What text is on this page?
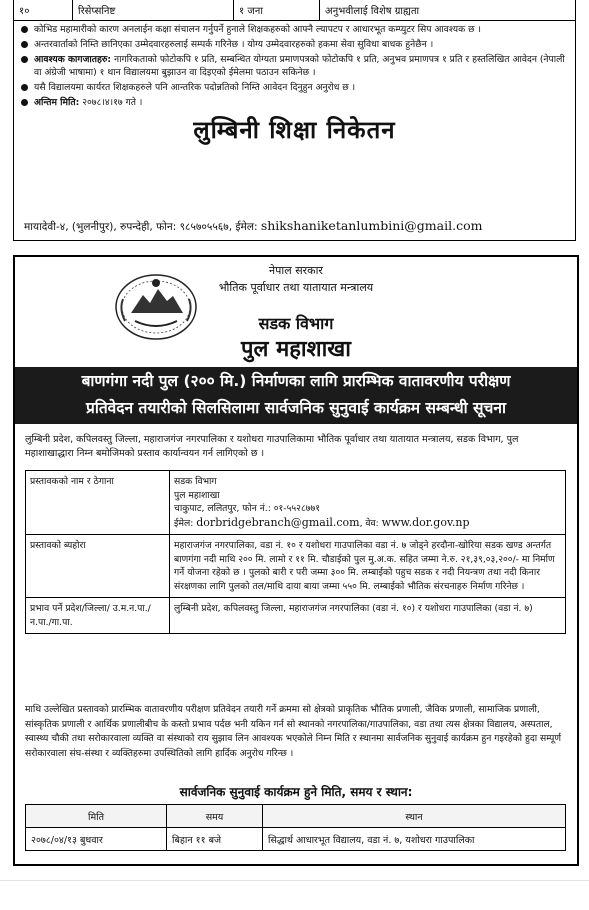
१०	रिसेप्सनिष्ट	१ जना	अनुभवीलाई विशेष ग्राह्यता
कोभिड महामारीको कारण अनलाईन कक्षा संचालन गर्नुपर्ने हुनाले शिक्षकहरुको आफ्नै ल्यापटप र आधारभूत कम्प्युटर सिप आवश्यक छ ।
अन्तरवार्ताको निम्ति छानिएका उम्मेदवारहरुलाई सम्पर्क गरिनेछ । योग्य उम्मेदवारहरुको हकमा सेवा सुविधा बाधक हुनेछैन ।
आवश्यक कागजातहरु: नागरिकताको फोटोकपि १ प्रति, सम्बन्धित योग्यता प्रमाणपत्रको फोटोकपि १ प्रति, अनुभव प्रमाणपत्र १ प्रति र हस्तलिखित आवेदन (नेपाली वा अंग्रेजी भाषामा) १ थान विद्यालयमा बुझाउन वा दिइएको ईमेलमा पठाउन सकिनेछ ।
यसै विद्यालयमा कार्यरत शिक्षकहरुले पनि आन्तरिक पदोन्नतिको निम्ति आवेदन दिनुहुन अनुरोध छ ।
अन्तिम मिति: २०७८।४।१७ गते ।
लुम्बिनी शिक्षा निकेतन
मायादेवी-४, (भुलनीपुर), रुपन्देही, फोन: ९८५७०५५६७, ईमेल: shikshaniketanlumbini@gmail.com
नेपाल सरकार
भौतिक पूर्वाधार तथा यातायात मन्त्रालय
सडक विभाग
पुल महाशाखा
बाणगंगा नदी पुल (२०० मि.) निर्माणका लागि प्रारम्भिक वातावरणीय परीक्षण
प्रतिवेदन तयारीको सिलसिलामा सार्वजनिक सुनुवाई कार्यक्रम सम्बन्धी सूचना
लुम्बिनी प्रदेश, कपिलवस्तु जिल्ला, महाराजगंज नगरपालिका र यशोधरा गाउपालिकामा भौतिक पूर्वाधार तथा यातायात मन्त्रालय, सडक विभाग, पुल महाशाखाद्धारा निम्न बमोजिमको प्रस्ताव कार्यान्वयन गर्न लागिएको छ ।
प्रस्तावकको नाम र ठेगाना	सडक विभाग
पुल महाशाखा
चाकुपाट, ललितपुर, फोन नं.: ०१-५५२८७७१
ईमेल: dorbridgebranch@gmail.com, वेव: www.dor.gov.np

प्रस्तावको ब्यहोरा	महाराजगंज नगरपालिका, वडा नं. १० र यशोधरा गाउपालिका वडा नं. ७ जोड्ने हरदौना-खोरिया सडक खण्ड अन्तर्गत बाणगंगा नदी माथि २०० मि. लामो र ११ मि. चौडाईको पुल मु.अ.क. सहित जम्मा ने.रु. २१,३९,०३,२००/- मा निर्माण गर्ने योजना रहेको छ । पुलको बारी र परी जम्मा ३०० मि. लम्बाईको पहुच सडक र नदी नियन्त्रण तथा नदी किनार संरक्षणका लागि पुलको तल/माथि दाया बाया जम्मा ५५० मि. लम्बाईको भौतिक संरचनाहरु निर्माण गरिनेछ ।
प्रभाव पर्ने प्रदेश/जिल्ला/ उ.म.न.पा./न.पा./गा.पा.	लुम्बिनी प्रदेश, कपिलवस्तु जिल्ला, महाराजगंज नगरपालिका (वडा नं. १०) र यशोधरा गाउपालिका (वडा नं. ७)
माथि उल्लेखित प्रस्तावको प्रारम्भिक वातावरणीय परीक्षण प्रतिवेदन तयारी गर्ने क्रममा सो क्षेत्रको प्राकृतिक भौतिक प्रणाली, जैविक प्रणाली, सामाजिक प्रणाली, सांस्कृतिक प्रणाली र आर्थिक प्रणालीबीच के कस्तो प्रभाव पर्दछ भनी यकिन गर्न सो स्थानको नगरपालिका/गाउपालिका, वडा तथा त्यस क्षेत्रका विद्यालय, अस्पताल, स्वास्थ्य चौकी तथा सरोकारवाला व्यक्ति वा संस्थाको राय सुझाव लिन आवश्यक भएकोले निम्न मिति र स्थानमा सार्वजनिक सुनुवाई कार्यक्रम हुन गइरहेको हुदा सम्पूर्ण सरोकारवाला संघ-संस्था र व्यक्तिहरुमा उपस्थितिको लागि हार्दिक अनुरोध गरिन्छ ।
सार्वजनिक सुनुवाई कार्यक्रम हुने मिति, समय र स्थान:
मिति	समय	स्थान
२०७८/०४/१३ बुधवार	बिहान ११ बजे	सिद्धार्थ आधारभूत विद्यालय, वडा नं. ७, यशोधरा गाउपालिका
